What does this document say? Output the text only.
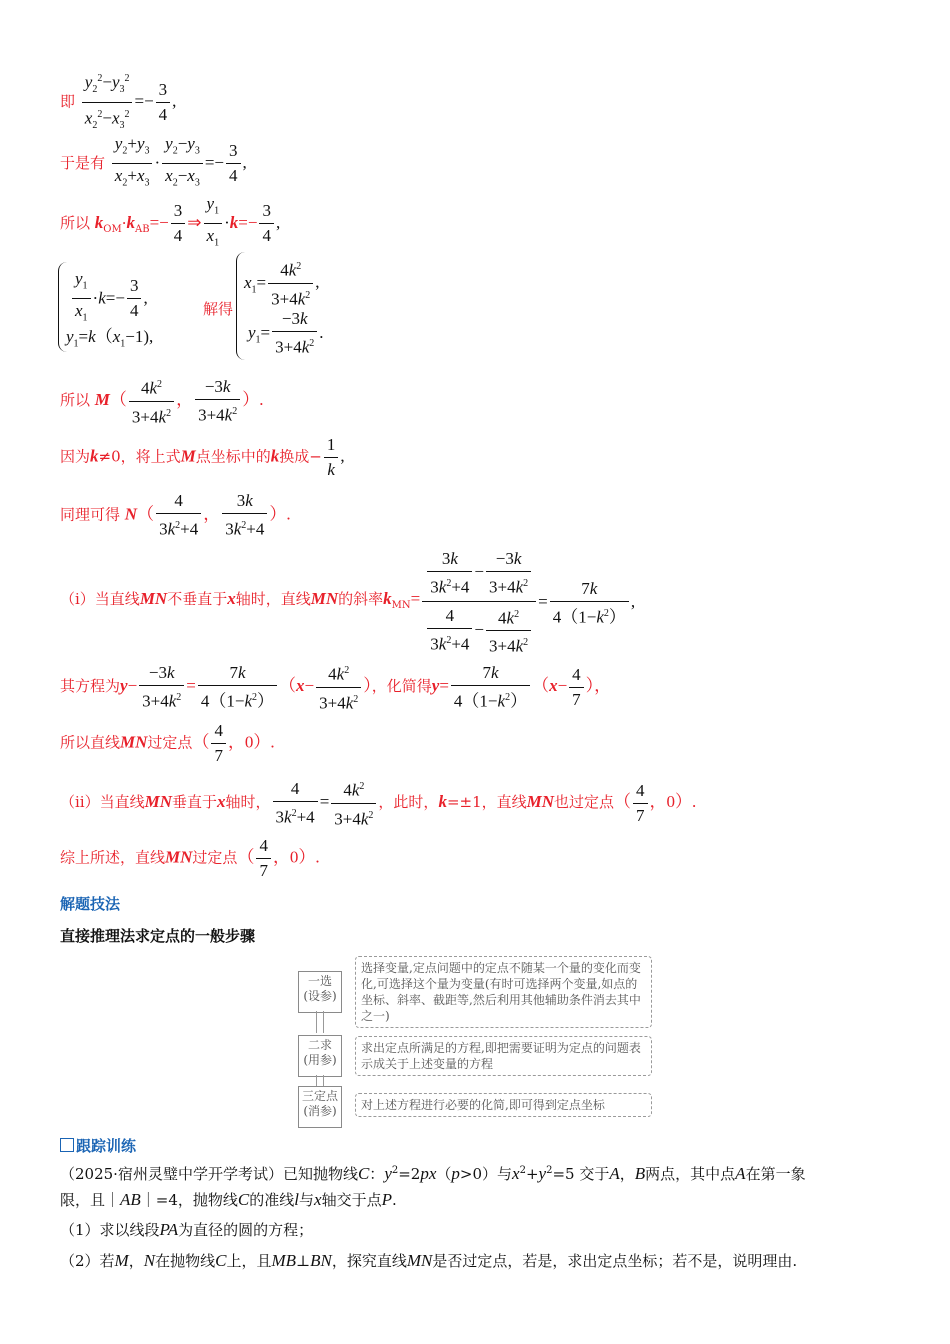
即 $\frac{y_2^2-y_3^2}{x_2^2-x_3^2} =- \frac{3}{4}$ ,
于是有 $\frac{y_2+y_3}{x_2+x_3} \cdot \frac{y_2-y_3}{x_2-x_3} =- \frac{3}{4}$ ,
所以 $k_{OM}\cdot k_{AB}=- \frac{3}{4}$ ⇒ $\frac{y_1}{x_1} \cdot k=- \frac{3}{4}$ ,
$\frac{y_1}{x_1} \cdot k=- \frac{3}{4}$ ,
$y_1=k(x_1-1)$,
解得
$x_1= \frac{4k^2}{3+4k^2}$ ,
$y_1= \frac{-3k}{3+4k^2}$ .
所以 $M( \frac{4k^2}{3+4k^2}$ ， $\frac{-3k}{3+4k^2}$ ）.
因为k≠0，将上式M点坐标中的k换成− $\frac{1}{k}$ ,
同理可得 $N( \frac{4}{3k^2+4}$ ， $\frac{3k}{3k^2+4}$ ）.
（ⅰ）当直线MN不垂直于x轴时，直线MN的斜率$k_{MN}= \frac{\frac{3k}{3k^2+4} - \frac{-3k}{3+4k^2}}{\frac{4}{3k^2+4} - \frac{4k^2}{3+4k^2}} = \frac{7k}{4(1-k^2)}$ ,
其方程为$y- \frac{-3k}{3+4k^2} = \frac{7k}{4(1-k^2)} (x- \frac{4k^2}{3+4k^2}$ ），化简得$y= \frac{7k}{4(1-k^2)} (x- \frac{4}{7}$ ），
所以直线MN过定点（ $\frac{4}{7}$ ，0）.
（ⅱ）当直线MN垂直于x轴时， $\frac{4}{3k^2+4} = \frac{4k^2}{3+4k^2}$ ，此时，k=±1，直线MN也过定点（ $\frac{4}{7}$ ，0）.
综上所述，直线MN过定点（ $\frac{4}{7}$ ，0）.
解题技法
直接推理法求定点的一般步骤
一选
(设参)
二求
(用参)
三定点
(消参)
选择变量,定点问题中的定点不随某一个量的变化而变化,可选择这个量为变量(有时可选择两个变量,如点的坐标、斜率、截距等,然后利用其他辅助条件消去其中之一)
求出定点所满足的方程,即把需要证明为定点的问题表示成关于上述变量的方程
对上述方程进行必要的化简,即可得到定点坐标
跟踪训练
（2025·宿州灵璧中学开学考试）已知抛物线C：$y^2=2px(p>0)$与$x^2+y^2=5$ 交于A，B两点，其中点A在第一象
限，且｜AB｜=4，抛物线C的准线l与x轴交于点P.
（1）求以线段PA为直径的圆的方程；
（2）若M，N在抛物线C上，且MB⊥BN，探究直线MN是否过定点，若是，求出定点坐标；若不是，说明理由.
